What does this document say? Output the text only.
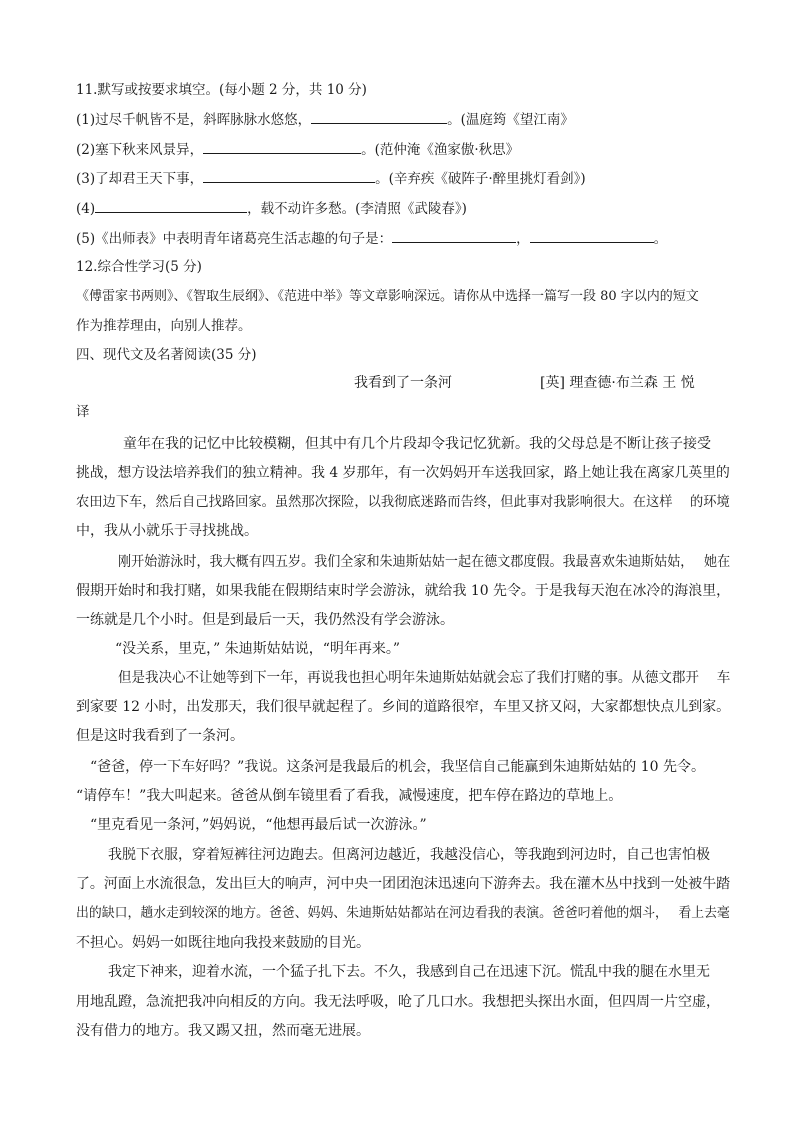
11.默写或按要求填空。(每小题 2 分，共 10 分)
(1)过尽千帆皆不是，斜晖脉脉水悠悠，	。(温庭筠《望江南》
(2)塞下秋来风景异，	。(范仲淹《渔家傲·秋思》
(3)了却君王天下事，	。(辛弃疾《破阵子·醉里挑灯看剑》)
(4)	，载不动许多愁。(李清照《武陵春》)
(5)《出师表》中表明青年诸葛亮生活志趣的句子是：	，	。
12.综合性学习(5 分)
《傅雷家书两则》、《智取生辰纲》、《范进中举》等文章影响深远。请你从中选择一篇写一段 80 字以内的短文
作为推荐理由，向别人推荐。
四、现代文及名著阅读(35 分)
我看到了一条河	[英] 理查德·布兰森 王 悦
译
童年在我的记忆中比较模糊，但其中有几个片段却令我记忆犹新。我的父母总是不断让孩子接受
挑战，想方设法培养我们的独立精神。我 4 岁那年，有一次妈妈开车送我回家，路上她让我在离家几英里的
农田边下车，然后自己找路回家。虽然那次探险，以我彻底迷路而告终，但此事对我影响很大。在这样　 的环境
中，我从小就乐于寻找挑战。
刚开始游泳时，我大概有四五岁。我们全家和朱迪斯姑姑一起在德文郡度假。我最喜欢朱迪斯姑姑，　 她在
假期开始时和我打赌，如果我能在假期结束时学会游泳，就给我 10 先令。于是我每天泡在冰冷的海浪里，
一练就是几个小时。但是到最后一天，我仍然没有学会游泳。
“没关系，里克，” 朱迪斯姑姑说，“明年再来。”
但是我决心不让她等到下一年，再说我也担心明年朱迪斯姑姑就会忘了我们打赌的事。从德文郡开　 车
到家要 12 小时，出发那天，我们很早就起程了。乡间的道路很窄，车里又挤又闷，大家都想快点儿到家。
但是这时我看到了一条河。
“爸爸，停一下车好吗？”我说。这条河是我最后的机会，我坚信自己能赢到朱迪斯姑姑的 10 先令。
“请停车！”我大叫起来。爸爸从倒车镜里看了看我，减慢速度，把车停在路边的草地上。
“里克看见一条河，”妈妈说，“他想再最后试一次游泳。”
我脱下衣服，穿着短裤往河边跑去。但离河边越近，我越没信心，等我跑到河边时，自己也害怕极
了。河面上水流很急，发出巨大的响声，河中央一团团泡沫迅速向下游奔去。我在灌木丛中找到一处被牛踏
出的缺口，趟水走到较深的地方。爸爸、妈妈、朱迪斯姑姑都站在河边看我的表演。爸爸叼着他的烟斗，　 看上去毫
不担心。妈妈一如既往地向我投来鼓励的目光。
我定下神来，迎着水流，一个猛子扎下去。不久，我感到自己在迅速下沉。慌乱中我的腿在水里无
用地乱蹬，急流把我冲向相反的方向。我无法呼吸，呛了几口水。我想把头探出水面，但四周一片空虚，
没有借力的地方。我又踢又扭，然而毫无进展。
